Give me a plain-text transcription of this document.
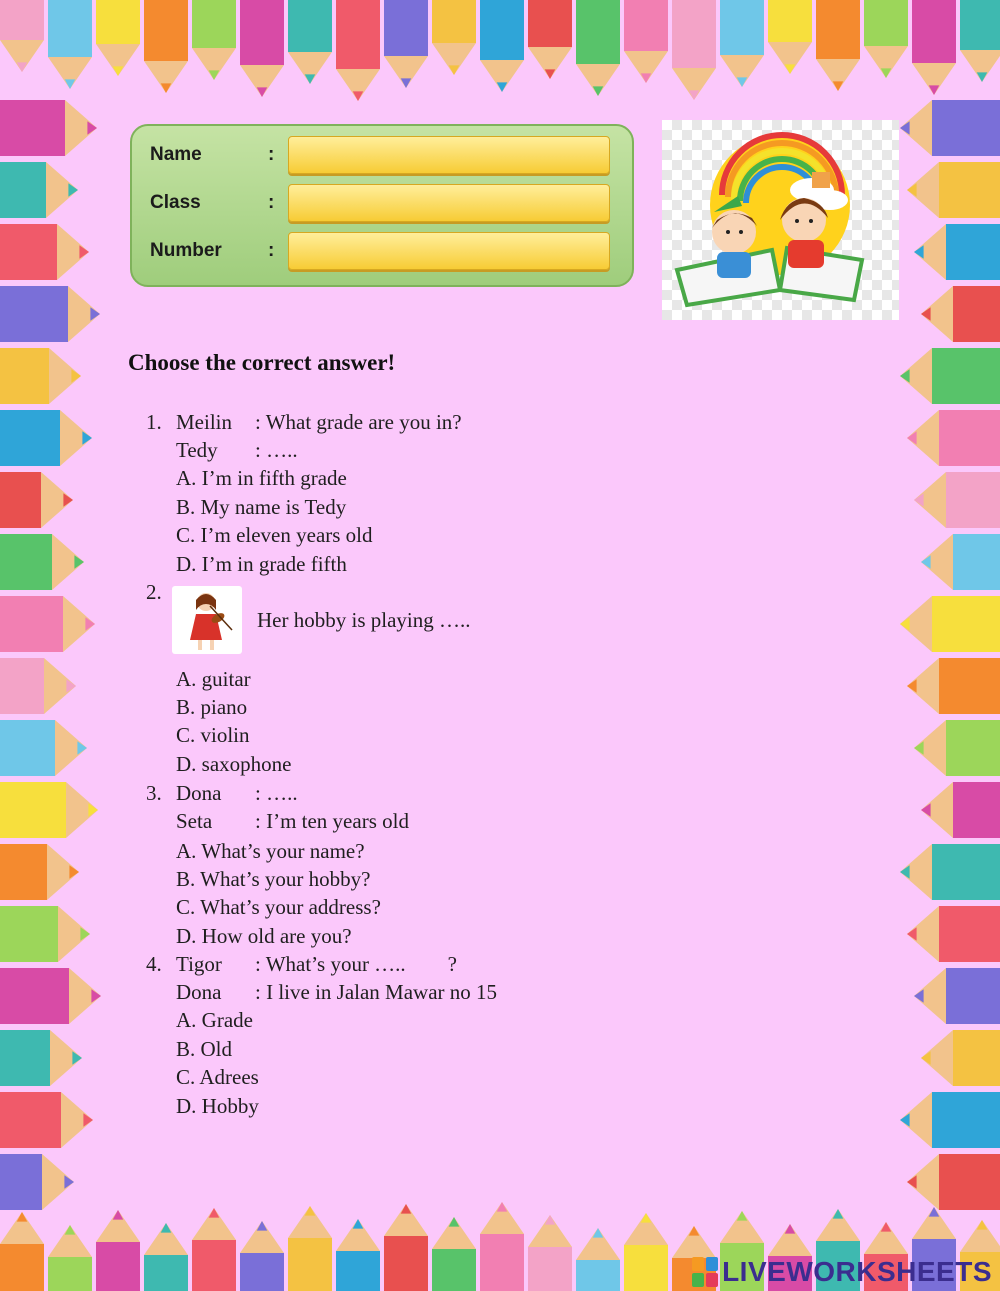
Name	:
Class	:
Number :
Choose the correct answer!
1. Meilin : What grade are you in?
Tedy : …..
A. I’m in fifth grade
B. My name is Tedy
C. I’m eleven years old
D. I’m in grade fifth
2.
Her hobby is playing …..
A. guitar
B. piano
C. violin
D. saxophone
3. Dona : …..
Seta : I’m ten years old
A. What’s your name?
B. What’s your hobby?
C. What’s your address?
D. How old are you?
4. Tigor : What’s your …..        ?
Dona : I live in Jalan Mawar no 15
A. Grade
B. Old
C. Adrees
D. Hobby
LIVEWORKSHEETS
